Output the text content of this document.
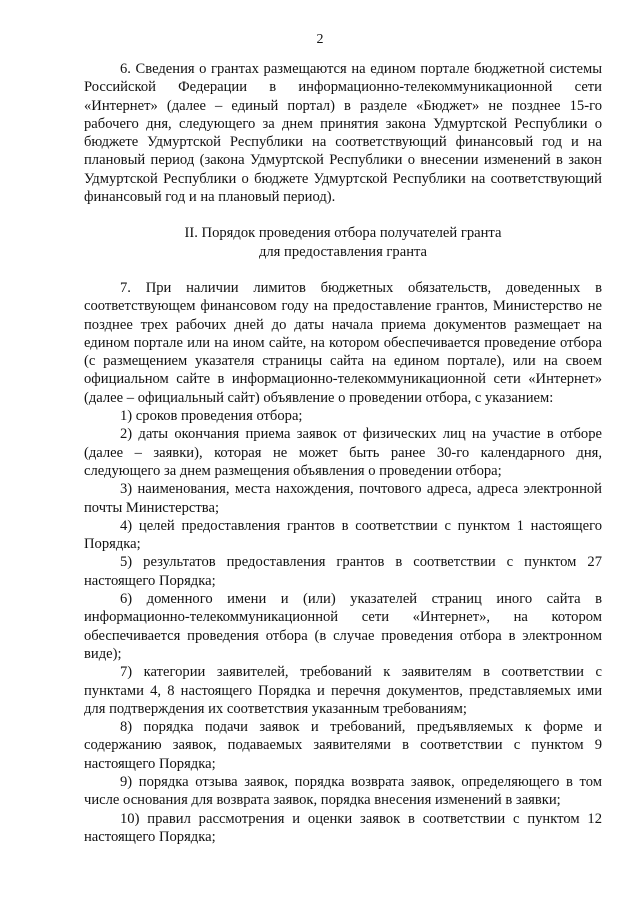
2

6. Сведения о грантах размещаются на едином портале бюджетной системы Российской Федерации в информационно-телекоммуникационной сети «Интернет» (далее – единый портал) в разделе «Бюджет» не позднее 15-го рабочего дня, следующего за днем принятия закона Удмуртской Республики о бюджете Удмуртской Республики на соответствующий финансовый год и на плановый период (закона Удмуртской Республики о внесении изменений в закон Удмуртской Республики о бюджете Удмуртской Республики на соответствующий финансовый год и на плановый период).

II. Порядок проведения отбора получателей гранта
для предоставления гранта

7. При наличии лимитов бюджетных обязательств, доведенных в соответствующем финансовом году на предоставление грантов, Министерство не позднее трех рабочих дней до даты начала приема документов размещает на едином портале или на ином сайте, на котором обеспечивается проведение отбора (с размещением указателя страницы сайта на едином портале), или на своем официальном сайте в информационно-телекоммуникационной сети «Интернет» (далее – официальный сайт) объявление о проведении отбора, с указанием:

1) сроков проведения отбора;

2) даты окончания приема заявок от физических лиц на участие в отборе (далее – заявки), которая не может быть ранее 30-го календарного дня, следующего за днем размещения объявления о проведении отбора;

3) наименования, места нахождения, почтового адреса, адреса электронной почты Министерства;

4) целей предоставления грантов в соответствии с пунктом 1 настоящего Порядка;

5) результатов предоставления грантов в соответствии с пунктом 27 настоящего Порядка;

6) доменного имени и (или) указателей страниц иного сайта в информационно-телекоммуникационной сети «Интернет», на котором обеспечивается проведения отбора (в случае проведения отбора в электронном виде);

7) категории заявителей, требований к заявителям в соответствии с пунктами 4, 8 настоящего Порядка и перечня документов, представляемых ими для подтверждения их соответствия указанным требованиям;

8) порядка подачи заявок и требований, предъявляемых к форме и содержанию заявок, подаваемых заявителями в соответствии с пунктом 9 настоящего Порядка;

9) порядка отзыва заявок, порядка возврата заявок, определяющего в том числе основания для возврата заявок, порядка внесения изменений в заявки;

10) правил рассмотрения и оценки заявок в соответствии с пунктом 12 настоящего Порядка;
